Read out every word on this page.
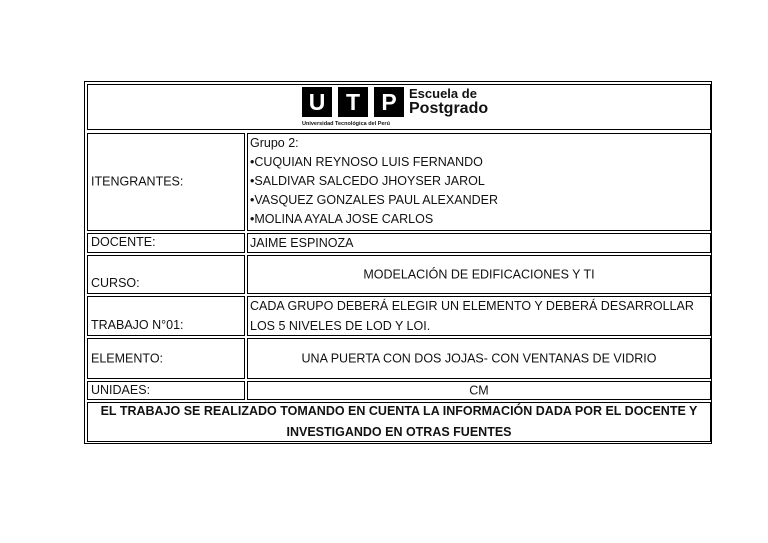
U T P Escuela de
Postgrado
Universidad Tecnológica del Perú
ITENGRANTES:
Grupo 2:
• CUQUIAN REYNOSO LUIS FERNANDO
• SALDIVAR SALCEDO JHOYSER JAROL
• VASQUEZ GONZALES PAUL ALEXANDER
• MOLINA AYALA JOSE CARLOS
DOCENTE:	JAIME ESPINOZA
CURSO:
MODELACIÓN DE EDIFICACIONES Y TI
TRABAJO N°01:
CADA GRUPO DEBERÁ ELEGIR UN ELEMENTO Y DEBERÁ DESARROLLAR LOS 5 NIVELES DE LOD Y LOI.
ELEMENTO:	UNA PUERTA CON DOS JOJAS- CON VENTANAS DE VIDRIO
UNIDAES:	CM
EL TRABAJO SE REALIZADO TOMANDO EN CUENTA LA INFORMACIÓN DADA POR EL DOCENTE Y INVESTIGANDO EN OTRAS FUENTES
